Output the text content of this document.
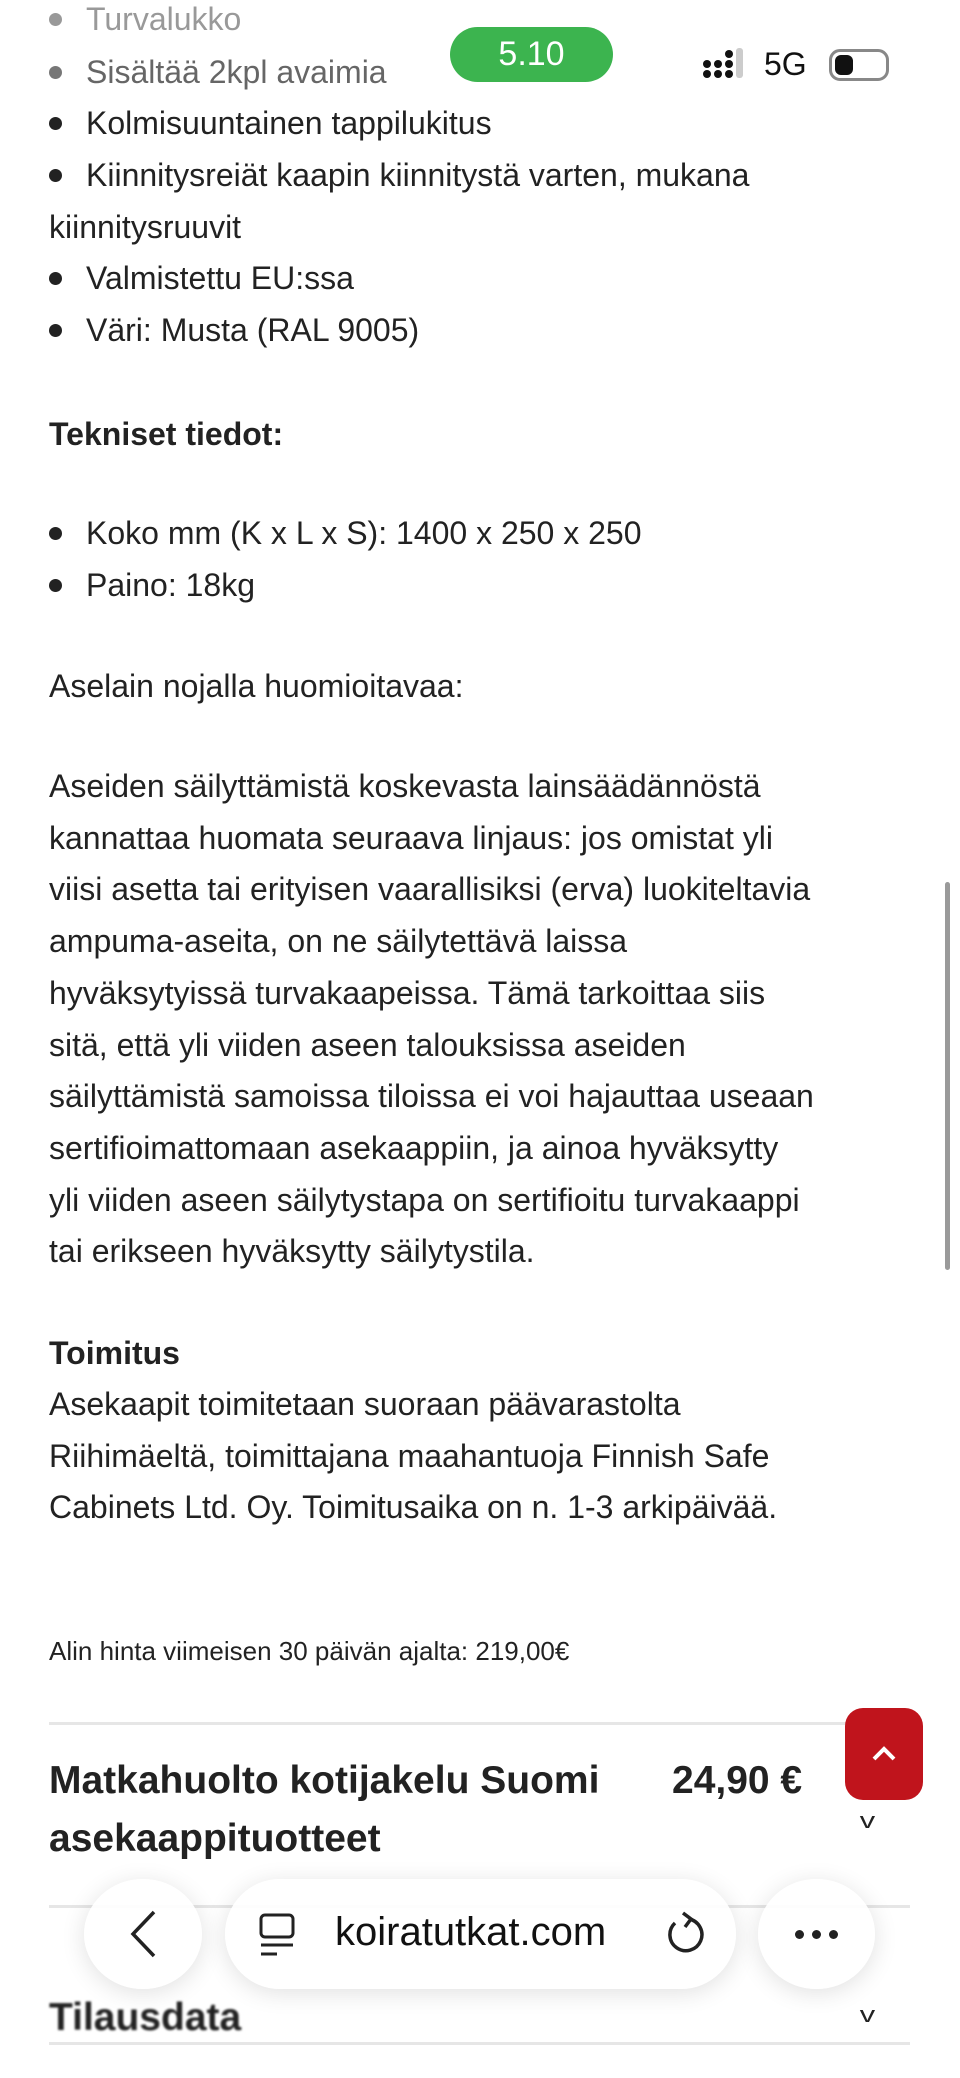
Turvalukko
Sisältää 2kpl avaimia
Kolmisuuntainen tappilukitus
Kiinnitysreiät kaapin kiinnitystä varten, mukana
kiinnitysruuvit
Valmistettu EU:ssa
Väri: Musta (RAL 9005)
Tekniset tiedot:
Koko mm (K x L x S): 1400 x 250 x 250
Paino: 18kg
Aselain nojalla huomioitavaa:
Aseiden säilyttämistä koskevasta lainsäädännöstä
kannattaa huomata seuraava linjaus: jos omistat yli
viisi asetta tai erityisen vaarallisiksi (erva) luokiteltavia
ampuma-aseita, on ne säilytettävä laissa
hyväksytyissä turvakaapeissa. Tämä tarkoittaa siis
sitä, että yli viiden aseen talouksissa aseiden
säilyttämistä samoissa tiloissa ei voi hajauttaa useaan
sertifioimattomaan asekaappiin, ja ainoa hyväksytty
yli viiden aseen säilytystapa on sertifioitu turvakaappi
tai erikseen hyväksytty säilytystila.
Toimitus
Asekaapit toimitetaan suoraan päävarastolta
Riihimäeltä, toimittajana maahantuoja Finnish Safe
Cabinets Ltd. Oy. Toimitusaika on n. 1-3 arkipäivää.
Alin hinta viimeisen 30 päivän ajalta: 219,00€
Matkahuolto kotijakelu Suomi
asekaappituotteet
24,90 €
v
Tilausdata	v
5.10	5G
koiratutkat.com
